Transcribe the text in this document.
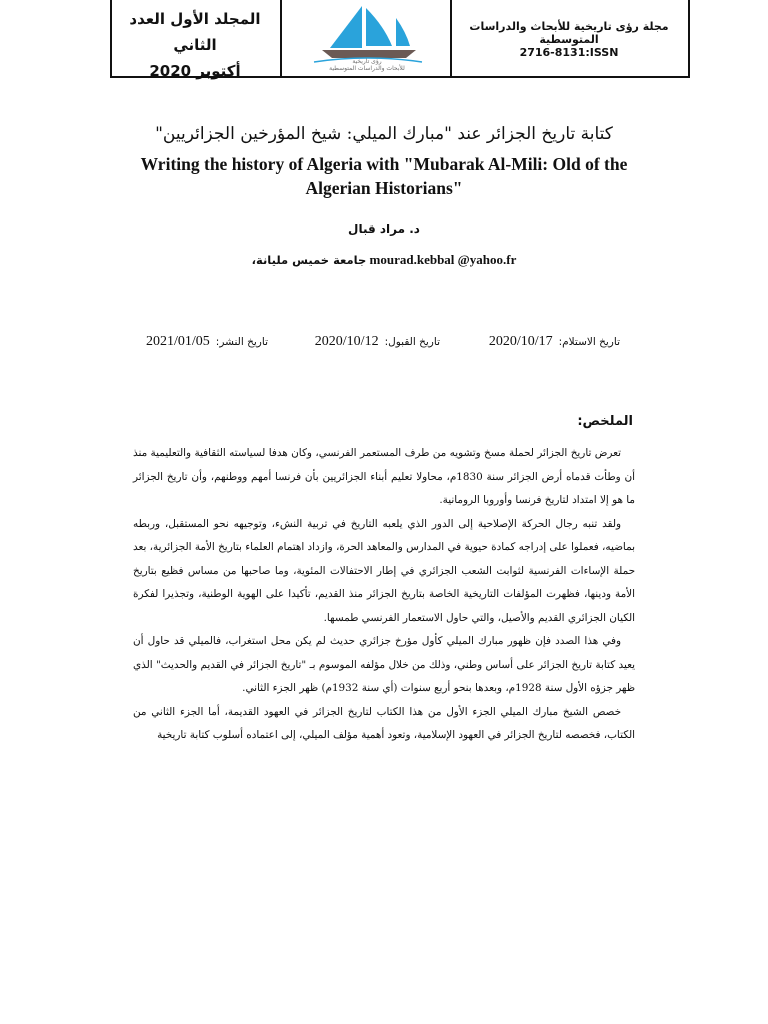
المجلد الأول العدد الثاني
أكتوبر 2020
رؤى تاريخية
للأبحاث والدراسات المتوسطية
مجلة رؤى تاريخية للأبحاث والدراسات المتوسطية
2716-8131:ISSN
كتابة تاريخ الجزائر عند "مبارك الميلي: شيخ المؤرخين الجزائريين"
Writing the history of Algeria with "Mubarak Al-Mili: Old of the Algerian Historians"
د. مراد قبال
جامعة خميس مليانة، mourad.kebbal @yahoo.fr
تاريخ الاستلام:2020/10/17
تاريخ القبول:2020/10/12
تاريخ النشر:2021/01/05
الملخص:

تعرض تاريخ الجزائر لحملة مسخ وتشويه من طرف المستعمر الفرنسي، وكان هدفا لسياسته الثقافية والتعليمية منذ أن وطأت قدماه أرض الجزائر سنة 1830م، محاولا تعليم أبناء الجزائريين بأن فرنسا أمهم ووطنهم، وأن تاريخ الجزائر ما هو إلا امتداد لتاريخ فرنسا وأوروبا الرومانية.

ولقد تنبه رجال الحركة الإصلاحية إلى الدور الذي يلعبه التاريخ في تربية النشء، وتوجيهه نحو المستقبل، وربطه بماضيه، فعملوا على إدراجه كمادة حيوية في المدارس والمعاهد الحرة، وازداد اهتمام العلماء بتاريخ الأمة الجزائرية، بعد حملة الإساءات الفرنسية لثوابت الشعب الجزائري في إطار الاحتفالات المئوية، وما صاحبها من مساس فظيع بتاريخ الأمة ودينها، فظهرت المؤلفات التاريخية الخاصة بتاريخ الجزائر منذ القديم، تأكيدا على الهوية الوطنية، وتجذيرا لفكرة الكيان الجزائري القديم والأصيل، والتي حاول الاستعمار الفرنسي طمسها.

وفي هذا الصدد فإن ظهور مبارك الميلي كأول مؤرخ جزائري حديث لم يكن محل استغراب، فالميلي قد حاول أن يعيد كتابة تاريخ الجزائر على أساس وطني، وذلك من خلال مؤلفه الموسوم بـ "تاريخ الجزائر في القديم والحديث" الذي ظهر جزؤه الأول سنة 1928م، وبعدها بنحو أربع سنوات (أي سنة 1932م) ظهر الجزء الثاني.

خصص الشيخ مبارك الميلي الجزء الأول من هذا الكتاب لتاريخ الجزائر في العهود القديمة، أما الجزء الثاني من الكتاب، فخصصه لتاريخ الجزائر في العهود الإسلامية، وتعود أهمية مؤلف الميلي، إلى اعتماده أسلوب كتابة تاريخية
